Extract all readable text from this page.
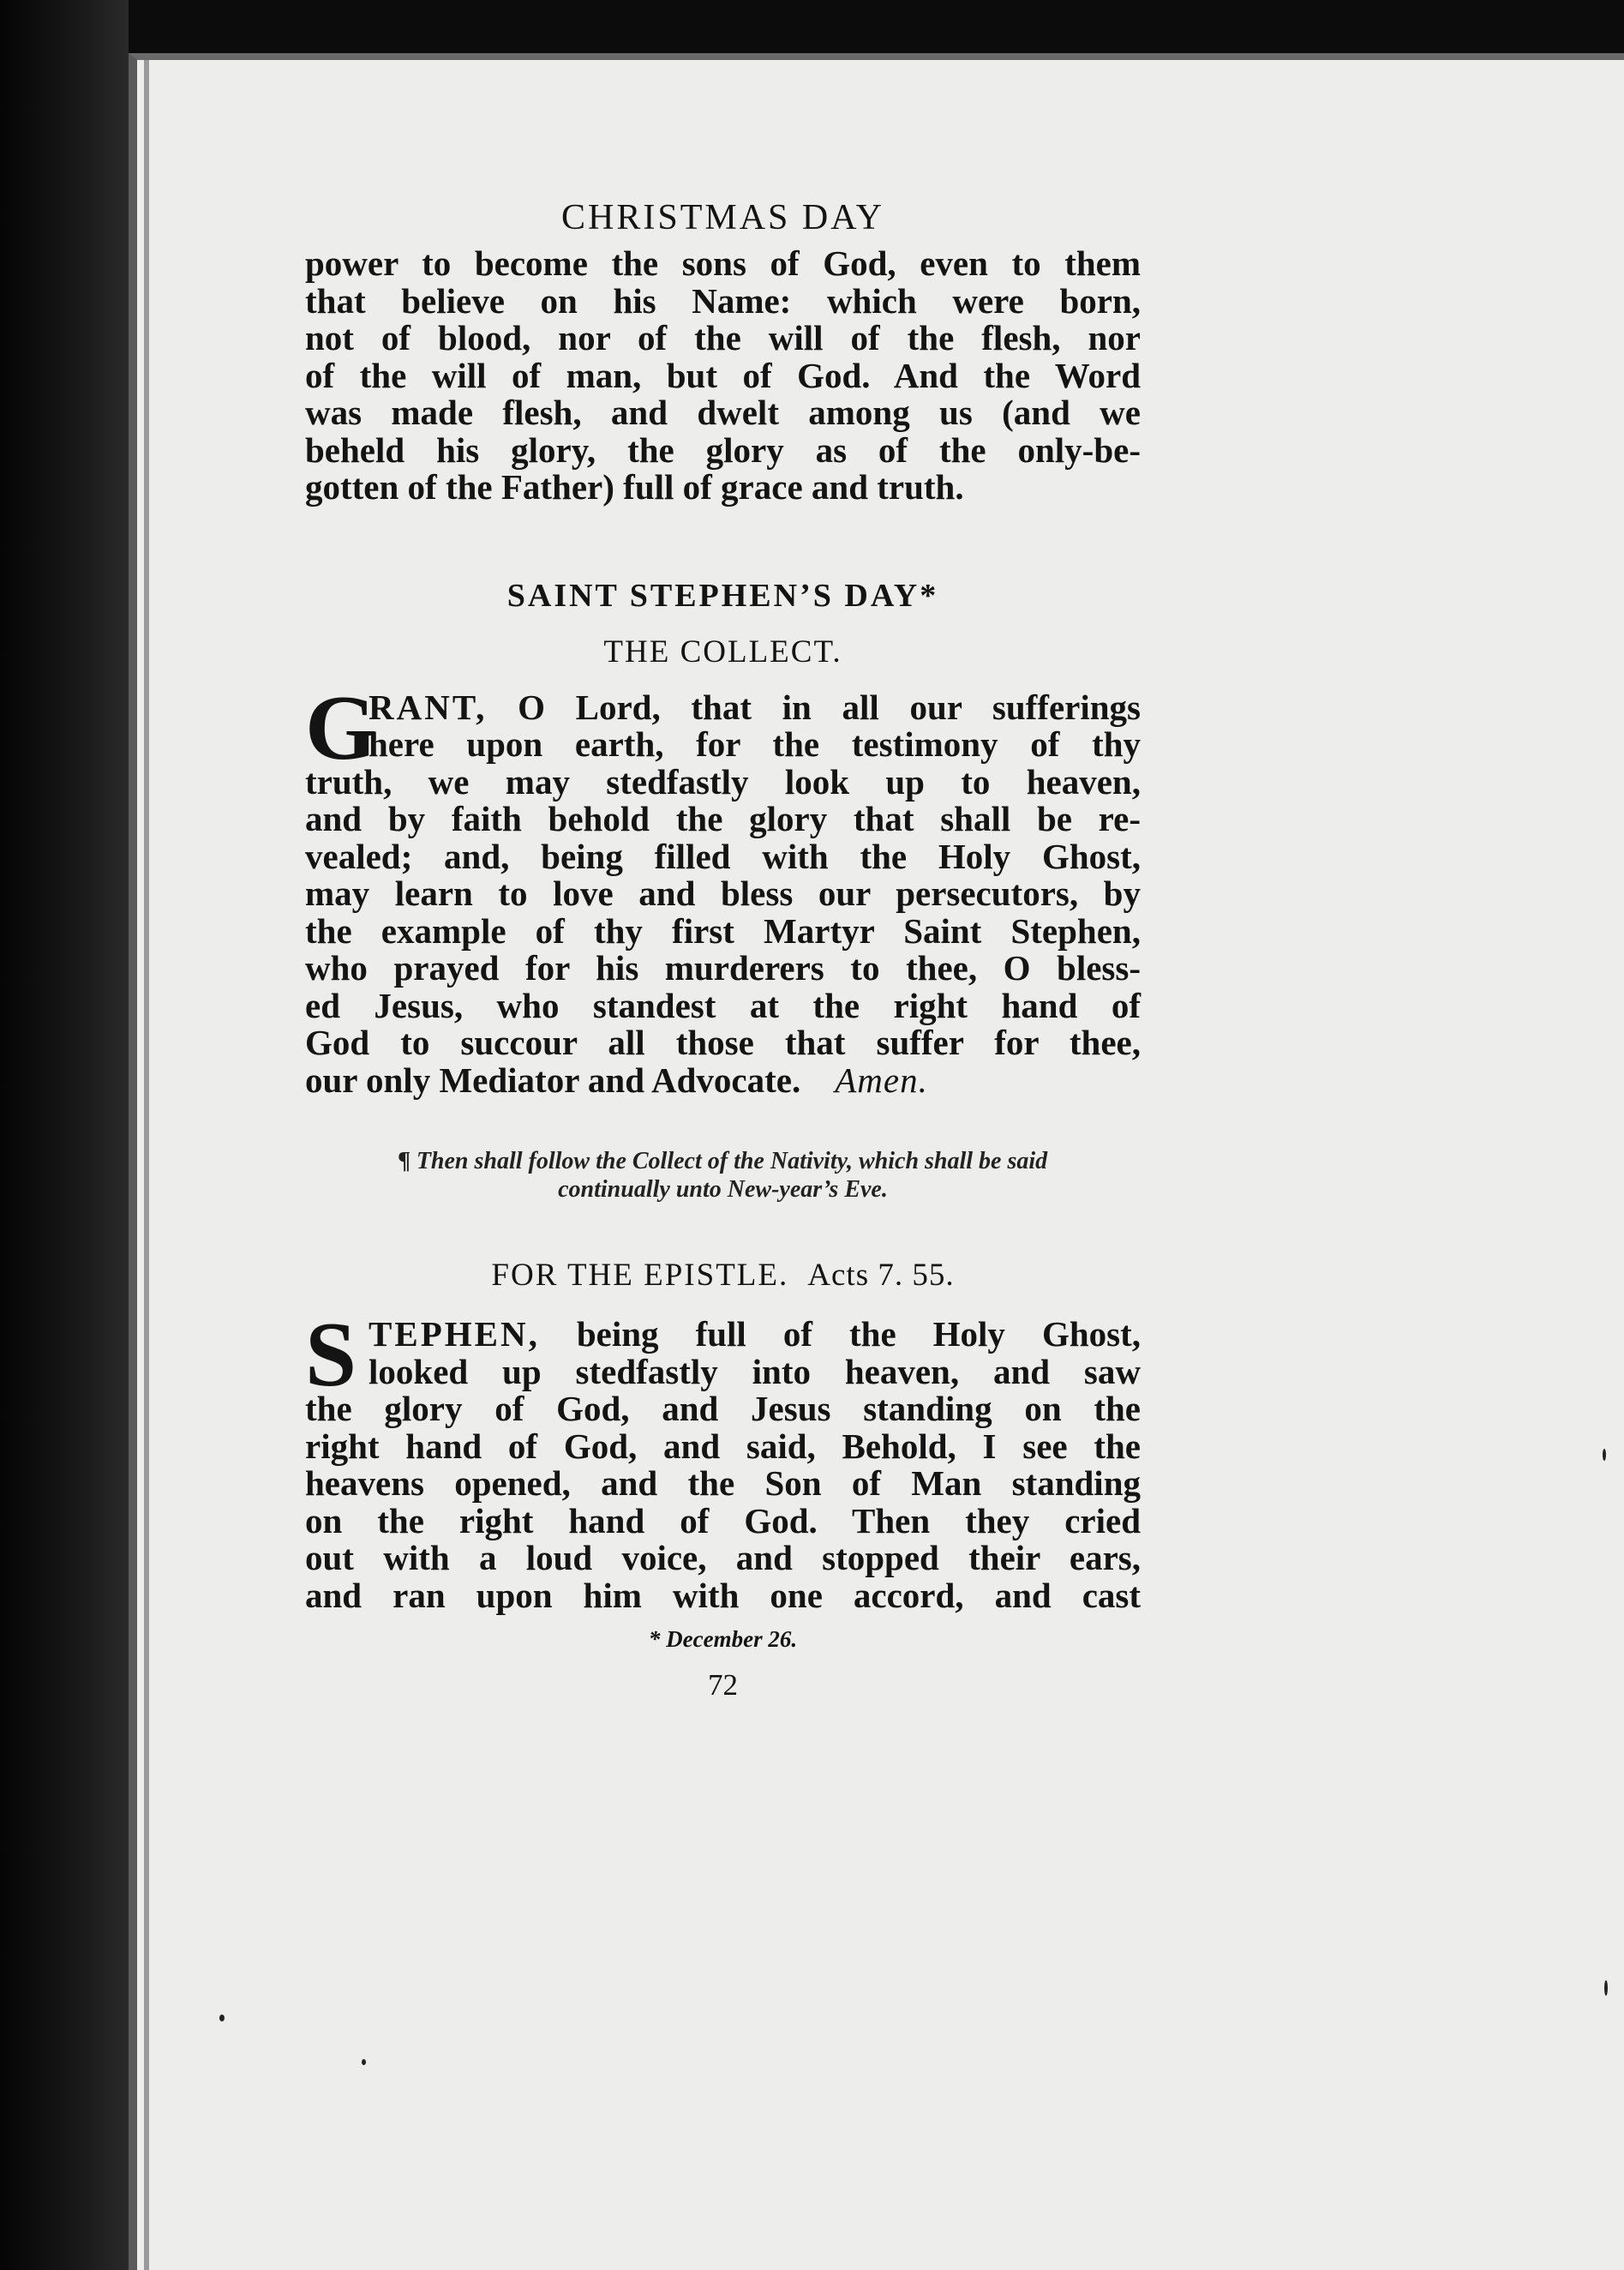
CHRISTMAS DAY
power to become the sons of God, even to them
that believe on his Name: which were born,
not of blood, nor of the will of the flesh, nor
of the will of man, but of God. And the Word
was made flesh, and dwelt among us (and we
beheld his glory, the glory as of the only-be-
gotten of the Father) full of grace and truth.
SAINT STEPHEN’S DAY*
THE COLLECT.
G
RANT, O Lord, that in all our sufferings
here upon earth, for the testimony of thy
truth, we may stedfastly look up to heaven,
and by faith behold the glory that shall be re-
vealed; and, being filled with the Holy Ghost,
may learn to love and bless our persecutors, by
the example of thy first Martyr Saint Stephen,
who prayed for his murderers to thee, O bless-
ed Jesus, who standest at the right hand of
God to succour all those that suffer for thee,
our only Mediator and Advocate. Amen.
¶ Then shall follow the Collect of the Nativity, which shall be said
continually unto New-year’s Eve.
FOR THE EPISTLE. Acts 7. 55.
S TEPHEN, being full of the Holy Ghost,
looked up stedfastly into heaven, and saw
the glory of God, and Jesus standing on the
right hand of God, and said, Behold, I see the
heavens opened, and the Son of Man standing
on the right hand of God. Then they cried
out with a loud voice, and stopped their ears,
and ran upon him with one accord, and cast
* December 26.
72
